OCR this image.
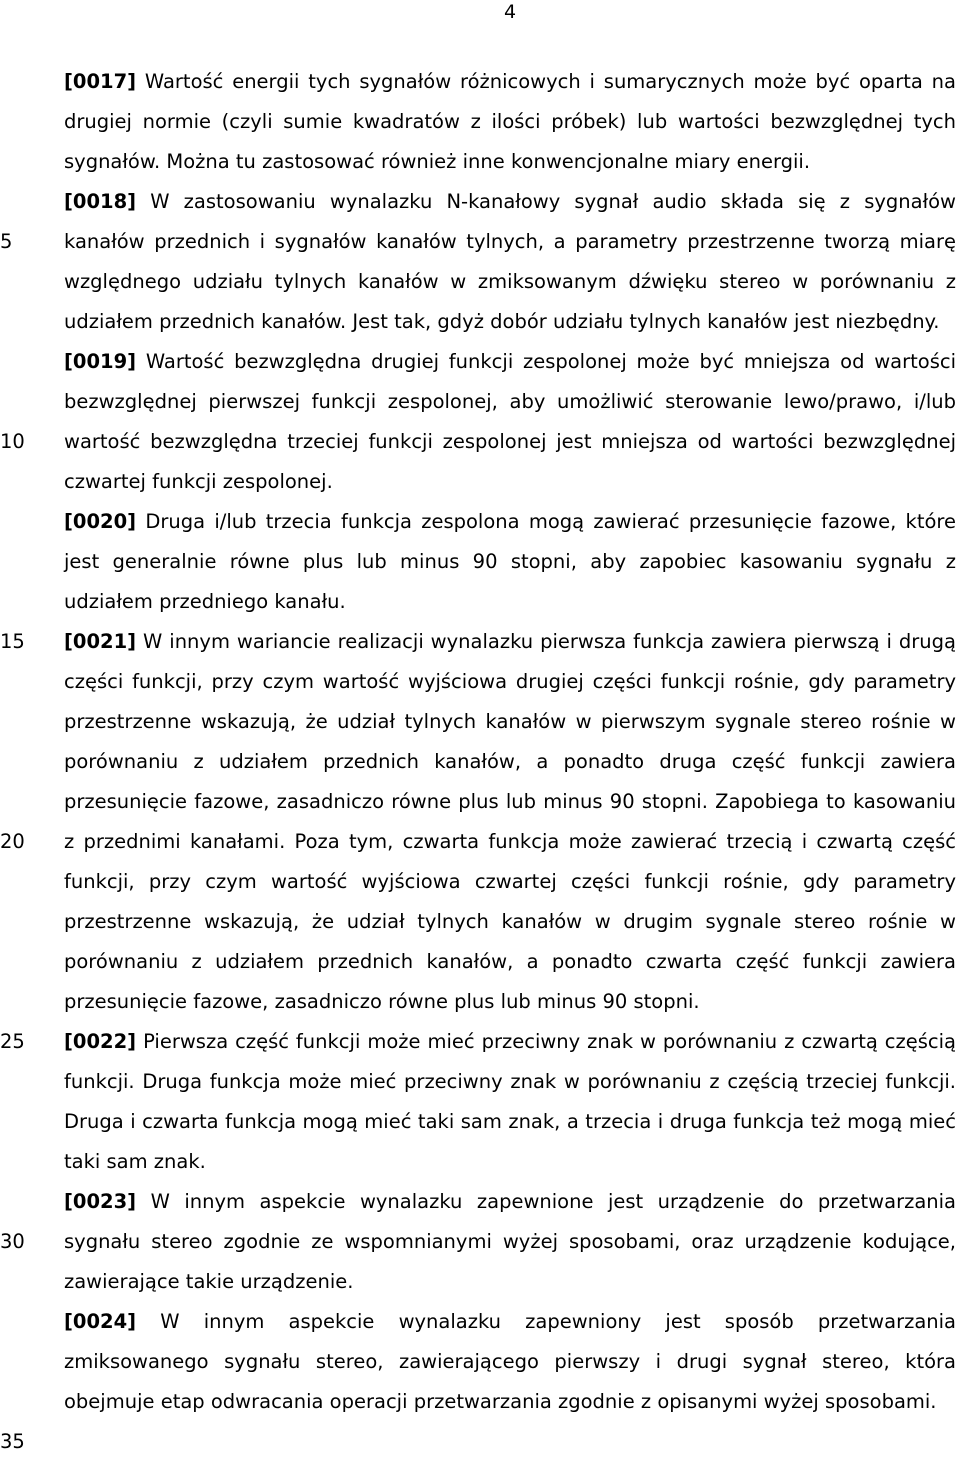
4
5
10
15
20
25
30
35

[0017] Wartość energii tych sygnałów różnicowych i sumarycznych może być oparta na drugiej normie (czyli sumie kwadratów z ilości próbek) lub wartości bezwzględnej tych sygnałów. Można tu zastosować również inne konwencjonalne miary energii.

[0018] W zastosowaniu wynalazku N-kanałowy sygnał audio składa się z sygnałów kanałów przednich i sygnałów kanałów tylnych, a parametry przestrzenne tworzą miarę względnego udziału tylnych kanałów w zmiksowanym dźwięku stereo w porównaniu z udziałem przednich kanałów. Jest tak, gdyż dobór udziału tylnych kanałów jest niezbędny.

[0019] Wartość bezwzględna drugiej funkcji zespolonej może być mniejsza od wartości bezwzględnej pierwszej funkcji zespolonej, aby umożliwić sterowanie lewo/prawo, i/lub wartość bezwzględna trzeciej funkcji zespolonej jest mniejsza od wartości bezwzględnej czwartej funkcji zespolonej.

[0020] Druga i/lub trzecia funkcja zespolona mogą zawierać przesunięcie fazowe, które jest generalnie równe plus lub minus 90 stopni, aby zapobiec kasowaniu sygnału z udziałem przedniego kanału.

[0021] W innym wariancie realizacji wynalazku pierwsza funkcja zawiera pierwszą i drugą części funkcji, przy czym wartość wyjściowa drugiej części funkcji rośnie, gdy parametry przestrzenne wskazują, że udział tylnych kanałów w pierwszym sygnale stereo rośnie w porównaniu z udziałem przednich kanałów, a ponadto druga część funkcji zawiera przesunięcie fazowe, zasadniczo równe plus lub minus 90 stopni. Zapobiega to kasowaniu z przednimi kanałami. Poza tym, czwarta funkcja może zawierać trzecią i czwartą część funkcji, przy czym wartość wyjściowa czwartej części funkcji rośnie, gdy parametry przestrzenne wskazują, że udział tylnych kanałów w drugim sygnale stereo rośnie w porównaniu z udziałem przednich kanałów, a ponadto czwarta część funkcji zawiera przesunięcie fazowe, zasadniczo równe plus lub minus 90 stopni.

[0022] Pierwsza część funkcji może mieć przeciwny znak w porównaniu z czwartą częścią funkcji. Druga funkcja może mieć przeciwny znak w porównaniu z częścią trzeciej funkcji. Druga i czwarta funkcja mogą mieć taki sam znak, a trzecia i druga funkcja też mogą mieć taki sam znak.

[0023] W innym aspekcie wynalazku zapewnione jest urządzenie do przetwarzania sygnału stereo zgodnie ze wspomnianymi wyżej sposobami, oraz urządzenie kodujące, zawierające takie urządzenie.

[0024] W innym aspekcie wynalazku zapewniony jest sposób przetwarzania zmiksowanego sygnału stereo, zawierającego pierwszy i drugi sygnał stereo, która obejmuje etap odwracania operacji przetwarzania zgodnie z opisanymi wyżej sposobami.
